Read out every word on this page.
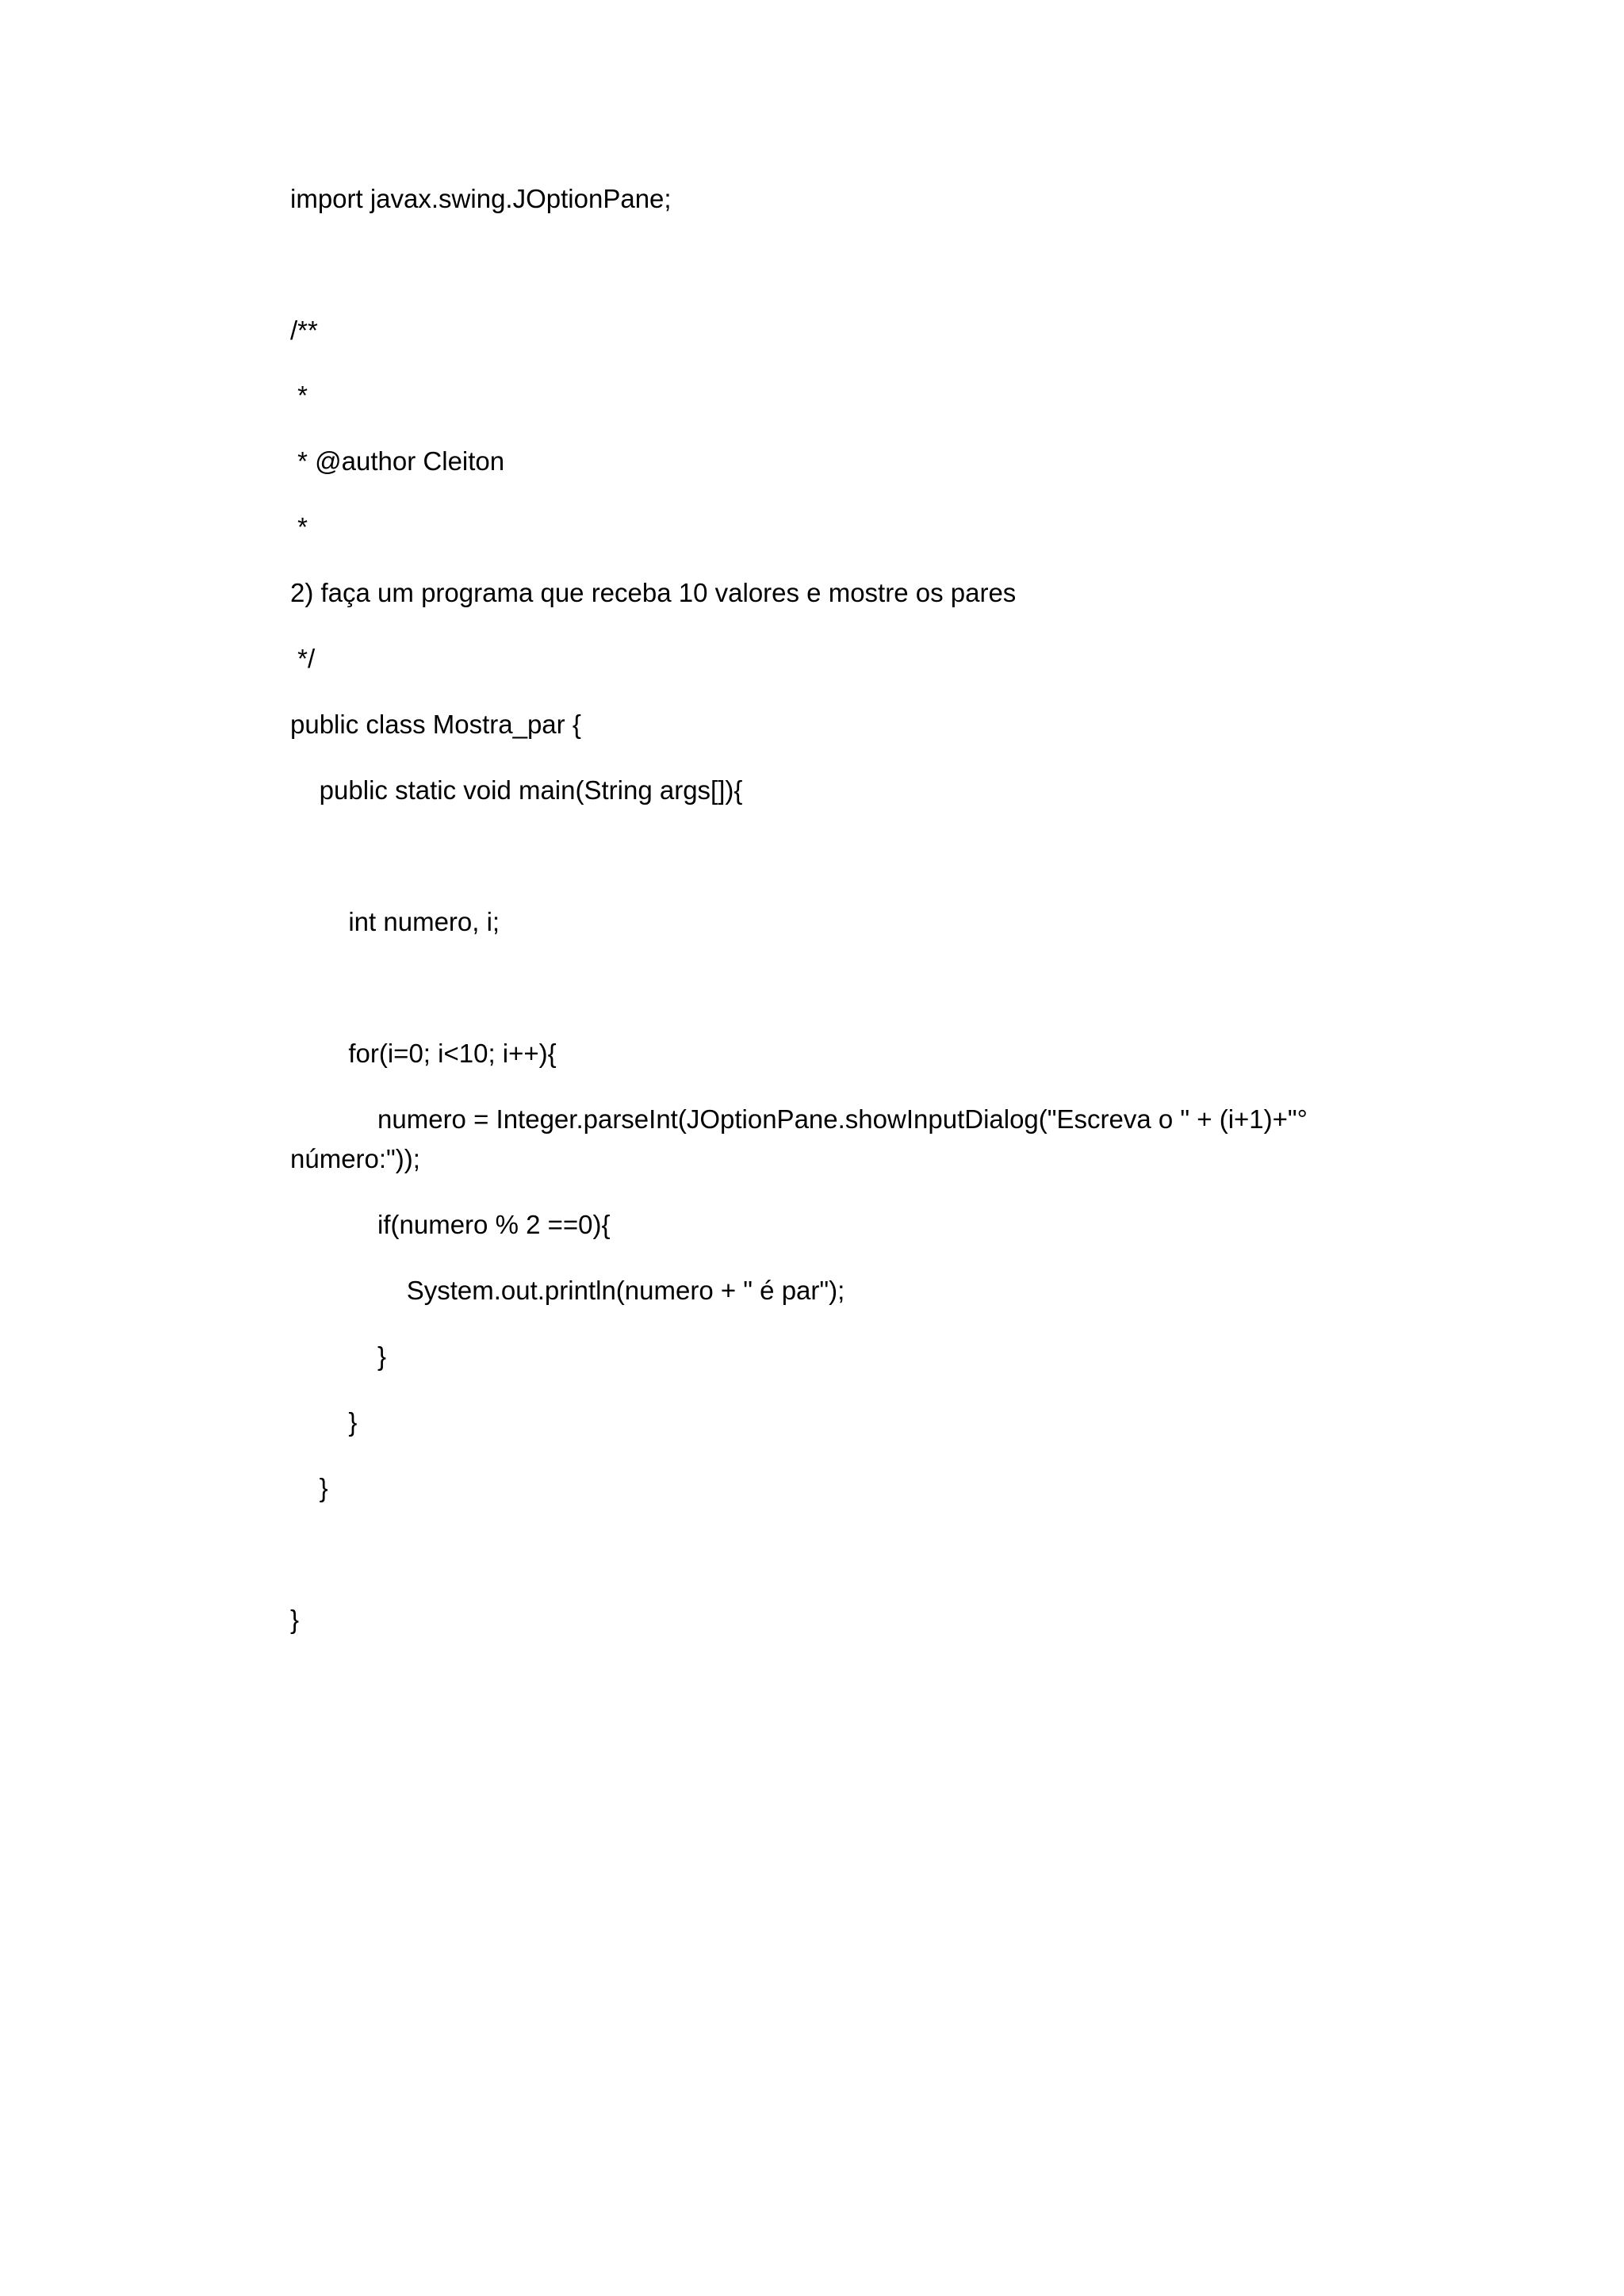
import javax.swing.JOptionPane;
/**
*
* @author Cleiton
*
2) faça um programa que receba 10 valores e mostre os pares
*/
public class Mostra_par {
public static void main(String args[]){
int numero, i;
for(i=0; i<10; i++){
numero = Integer.parseInt(JOptionPane.showInputDialog("Escreva o " + (i+1)+"°
número:"));
if(numero % 2 ==0){
System.out.println(numero + " é par");
}
}
}
}
